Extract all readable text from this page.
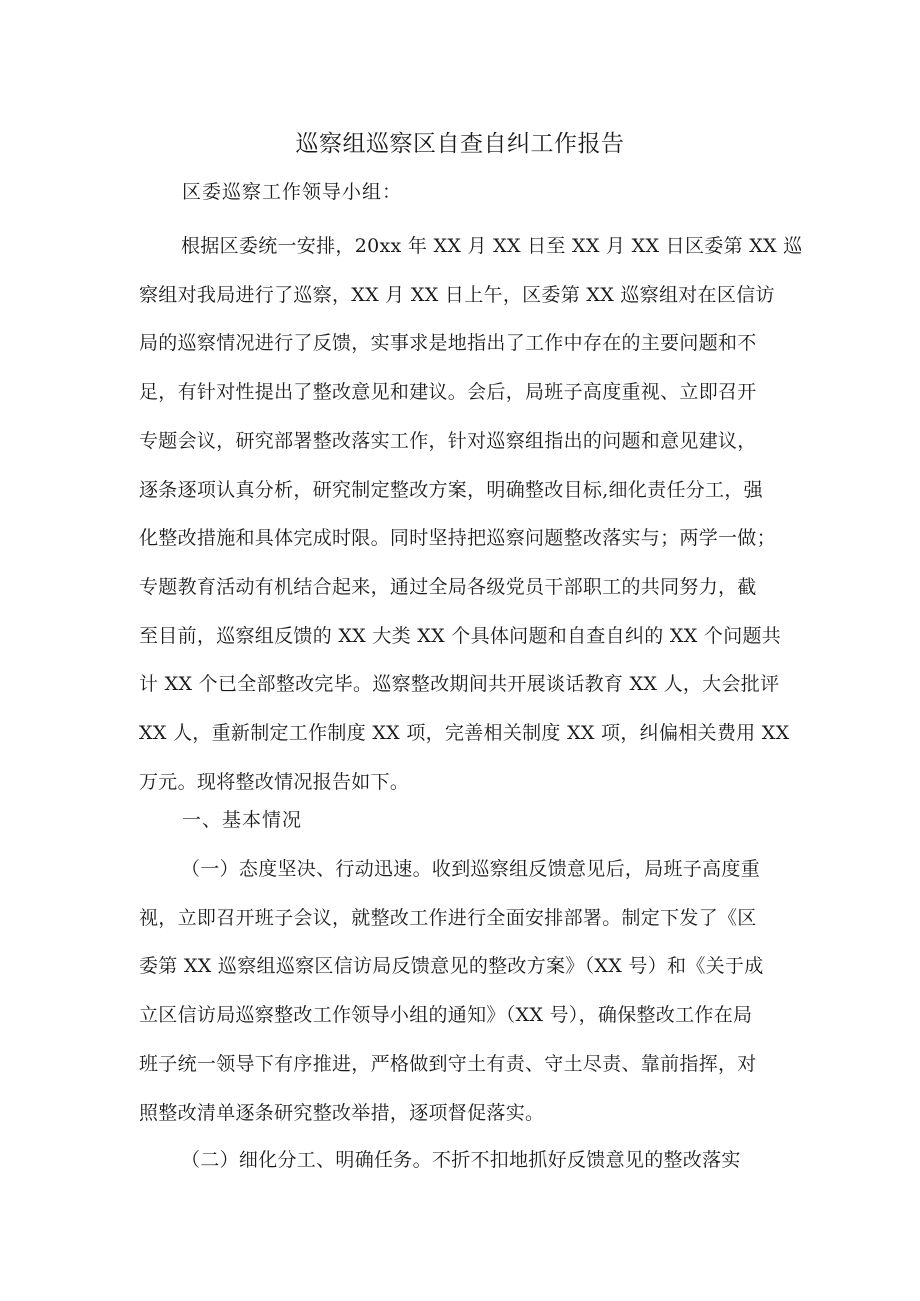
巡察组巡察区自查自纠工作报告
区委巡察工作领导小组：
根据区委统一安排，20xx 年 XX 月 XX 日至 XX 月 XX 日区委第 XX 巡
察组对我局进行了巡察，XX 月 XX 日上午，区委第 XX 巡察组对在区信访
局的巡察情况进行了反馈，实事求是地指出了工作中存在的主要问题和不
足，有针对性提出了整改意见和建议。会后，局班子高度重视、立即召开
专题会议，研究部署整改落实工作，针对巡察组指出的问题和意见建议，
逐条逐项认真分析，研究制定整改方案，明确整改目标,细化责任分工，强
化整改措施和具体完成时限。同时坚持把巡察问题整改落实与；两学一做；
专题教育活动有机结合起来，通过全局各级党员干部职工的共同努力，截
至目前，巡察组反馈的 XX 大类 XX 个具体问题和自查自纠的 XX 个问题共
计 XX 个已全部整改完毕。巡察整改期间共开展谈话教育 XX 人，大会批评
XX 人，重新制定工作制度 XX 项，完善相关制度 XX 项，纠偏相关费用 XX
万元。现将整改情况报告如下。
一、基本情况
（一）态度坚决、行动迅速。收到巡察组反馈意见后，局班子高度重
视，立即召开班子会议，就整改工作进行全面安排部署。制定下发了《区
委第 XX 巡察组巡察区信访局反馈意见的整改方案》（XX 号）和《关于成
立区信访局巡察整改工作领导小组的通知》（XX 号），确保整改工作在局
班子统一领导下有序推进，严格做到守土有责、守土尽责、靠前指挥，对
照整改清单逐条研究整改举措，逐项督促落实。
（二）细化分工、明确任务。不折不扣地抓好反馈意见的整改落实
